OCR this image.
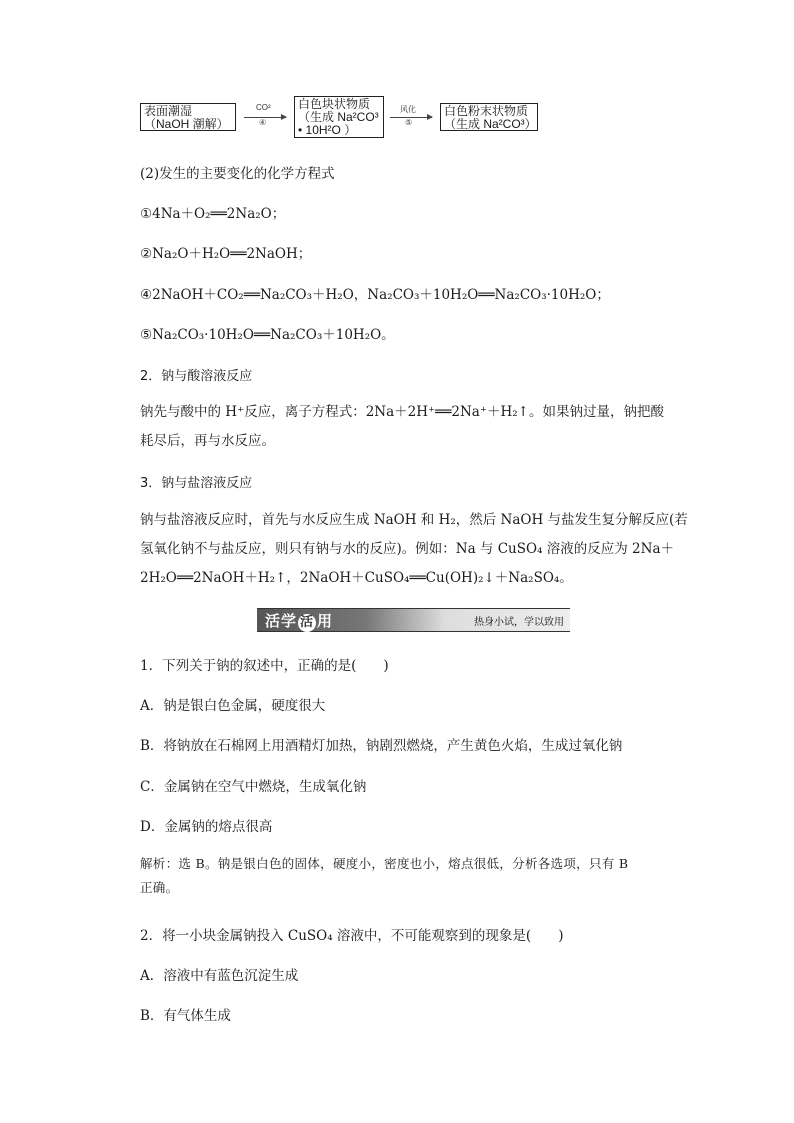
表面潮湿
（NaOH 潮解）
CO²
④
白色块状物质
（生成 Na²CO³
• 10H²O ）
风化
⑤
白色粉末状物质
（生成 Na²CO³）
(2)发生的主要变化的化学方程式
①4Na＋O₂══2Na₂O；
②Na₂O＋H₂O══2NaOH；
④2NaOH＋CO₂══Na₂CO₃＋H₂O，Na₂CO₃＋10H₂O══Na₂CO₃·10H₂O；
⑤Na₂CO₃·10H₂O══Na₂CO₃＋10H₂O。
2．钠与酸溶液反应
钠先与酸中的 H⁺反应，离子方程式：2Na＋2H⁺══2Na⁺＋H₂↑。如果钠过量，钠把酸
耗尽后，再与水反应。
3．钠与盐溶液反应
钠与盐溶液反应时，首先与水反应生成 NaOH 和 H₂，然后 NaOH 与盐发生复分解反应(若
氢氧化钠不与盐反应，则只有钠与水的反应)。例如：Na 与 CuSO₄ 溶液的反应为 2Na＋
2H₂O══2NaOH＋H₂↑，2NaOH＋CuSO₄══Cu(OH)₂↓＋Na₂SO₄。
活学 活 用	热身小试，学以致用
1．下列关于钠的叙述中，正确的是(　　)
A．钠是银白色金属，硬度很大
B．将钠放在石棉网上用酒精灯加热，钠剧烈燃烧，产生黄色火焰，生成过氧化钠
C．金属钠在空气中燃烧，生成氧化钠
D．金属钠的熔点很高
解析：选 B。钠是银白色的固体，硬度小，密度也小，熔点很低，分析各选项，只有 B
正确。
2．将一小块金属钠投入 CuSO₄ 溶液中，不可能观察到的现象是(　　)
A．溶液中有蓝色沉淀生成
B．有气体生成
